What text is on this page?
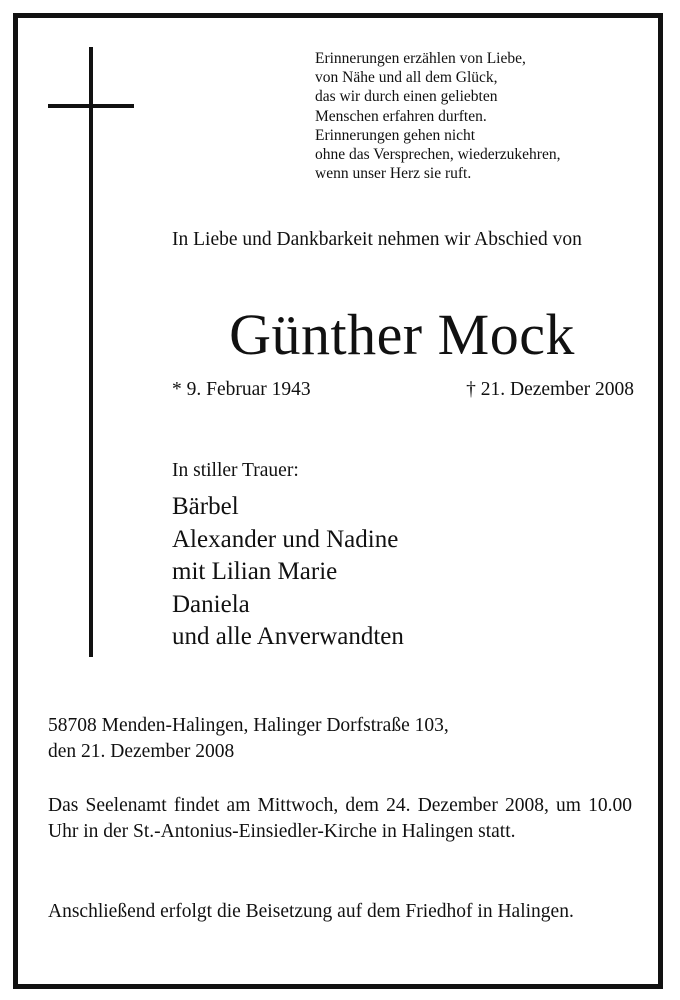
Erinnerungen erzählen von Liebe,
von Nähe und all dem Glück,
das wir durch einen geliebten
Menschen erfahren durften.
Erinnerungen gehen nicht
ohne das Versprechen, wiederzukehren,
wenn unser Herz sie ruft.
In Liebe und Dankbarkeit nehmen wir Abschied von
Günther Mock
* 9. Februar 1943	† 21. Dezember 2008
In stiller Trauer:
Bärbel
Alexander und Nadine
mit Lilian Marie
Daniela
und alle Anverwandten
58708 Menden-Halingen, Halinger Dorfstraße 103,
den 21. Dezember 2008
Das Seelenamt findet am Mittwoch, dem 24. Dezember 2008, um 10.00 Uhr in der St.-Antonius-Einsiedler-Kirche in Halingen statt.
Anschließend erfolgt die Beisetzung auf dem Friedhof in Halingen.
